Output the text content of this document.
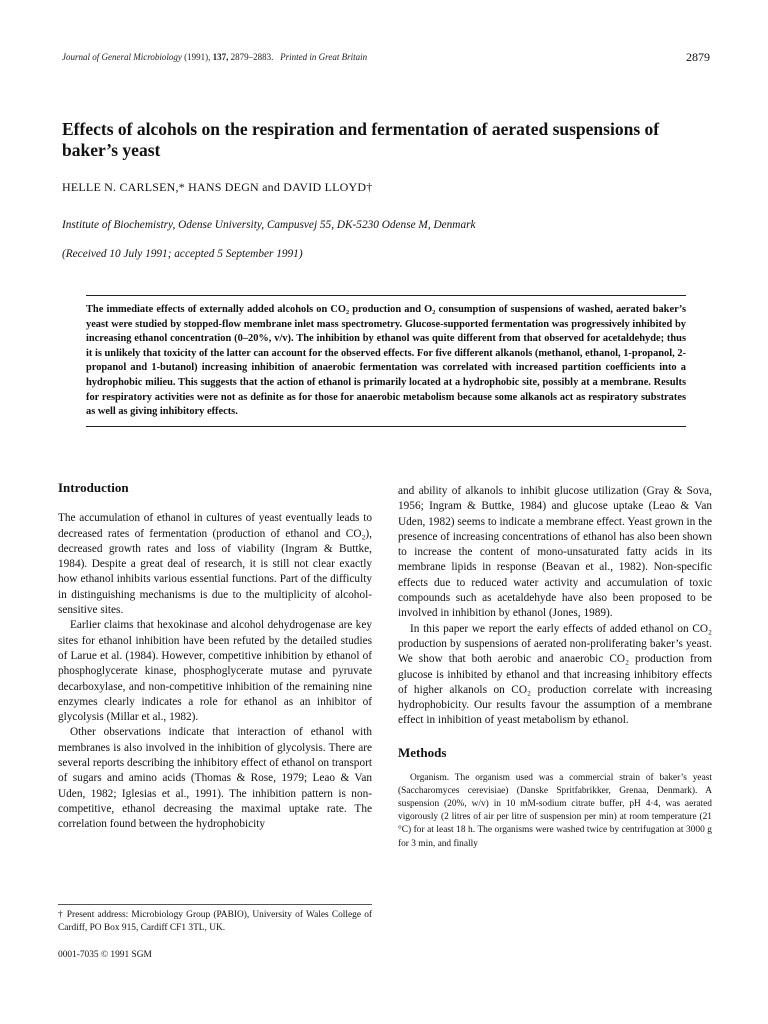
Journal of General Microbiology (1991), 137, 2879–2883. Printed in Great Britain	2879
Effects of alcohols on the respiration and fermentation of aerated suspensions of baker’s yeast
HELLE N. CARLSEN,* HANS DEGN and DAVID LLOYD†
Institute of Biochemistry, Odense University, Campusvej 55, DK-5230 Odense M, Denmark
(Received 10 July 1991; accepted 5 September 1991)
The immediate effects of externally added alcohols on CO₂ production and O₂ consumption of suspensions of washed, aerated baker’s yeast were studied by stopped-flow membrane inlet mass spectrometry. Glucose-supported fermentation was progressively inhibited by increasing ethanol concentration (0–20%, v/v). The inhibition by ethanol was quite different from that observed for acetaldehyde; thus it is unlikely that toxicity of the latter can account for the observed effects. For five different alkanols (methanol, ethanol, 1-propanol, 2-propanol and 1-butanol) increasing inhibition of anaerobic fermentation was correlated with increased partition coefficients into a hydrophobic milieu. This suggests that the action of ethanol is primarily located at a hydrophobic site, possibly at a membrane. Results for respiratory activities were not as definite as for those for anaerobic metabolism because some alkanols act as respiratory substrates as well as giving inhibitory effects.
Introduction

The accumulation of ethanol in cultures of yeast eventually leads to decreased rates of fermentation (production of ethanol and CO₂), decreased growth rates and loss of viability (Ingram & Buttke, 1984). Despite a great deal of research, it is still not clear exactly how ethanol inhibits various essential functions. Part of the difficulty in distinguishing mechanisms is due to the multiplicity of alcohol-sensitive sites.

Earlier claims that hexokinase and alcohol dehydrogenase are key sites for ethanol inhibition have been refuted by the detailed studies of Larue et al. (1984). However, competitive inhibition by ethanol of phosphoglycerate kinase, phosphoglycerate mutase and pyruvate decarboxylase, and non-competitive inhibition of the remaining nine enzymes clearly indicates a role for ethanol as an inhibitor of glycolysis (Millar et al., 1982).

Other observations indicate that interaction of ethanol with membranes is also involved in the inhibition of glycolysis. There are several reports describing the inhibitory effect of ethanol on transport of sugars and amino acids (Thomas & Rose, 1979; Leao & Van Uden, 1982; Iglesias et al., 1991). The inhibition pattern is non-competitive, ethanol decreasing the maximal uptake rate. The correlation found between the hydrophobicity

and ability of alkanols to inhibit glucose utilization (Gray & Sova, 1956; Ingram & Buttke, 1984) and glucose uptake (Leao & Van Uden, 1982) seems to indicate a membrane effect. Yeast grown in the presence of increasing concentrations of ethanol has also been shown to increase the content of mono-unsaturated fatty acids in its membrane lipids in response (Beavan et al., 1982). Non-specific effects due to reduced water activity and accumulation of toxic compounds such as acetaldehyde have also been proposed to be involved in inhibition by ethanol (Jones, 1989).

In this paper we report the early effects of added ethanol on CO₂ production by suspensions of aerated non-proliferating baker’s yeast. We show that both aerobic and anaerobic CO₂ production from glucose is inhibited by ethanol and that increasing inhibitory effects of higher alkanols on CO₂ production correlate with increasing hydrophobicity. Our results favour the assumption of a membrane effect in inhibition of yeast metabolism by ethanol.

Methods

Organism. The organism used was a commercial strain of baker’s yeast (Saccharomyces cerevisiae) (Danske Spritfabrikker, Grenaa, Denmark). A suspension (20%, w/v) in 10 mM-sodium citrate buffer, pH 4·4, was aerated vigorously (2 litres of air per litre of suspension per min) at room temperature (21 °C) for at least 18 h. The organisms were washed twice by centrifugation at 3000 g for 3 min, and finally

† Present address: Microbiology Group (PABIO), University of Wales College of Cardiff, PO Box 915, Cardiff CF1 3TL, UK.
0001-7035 © 1991 SGM
